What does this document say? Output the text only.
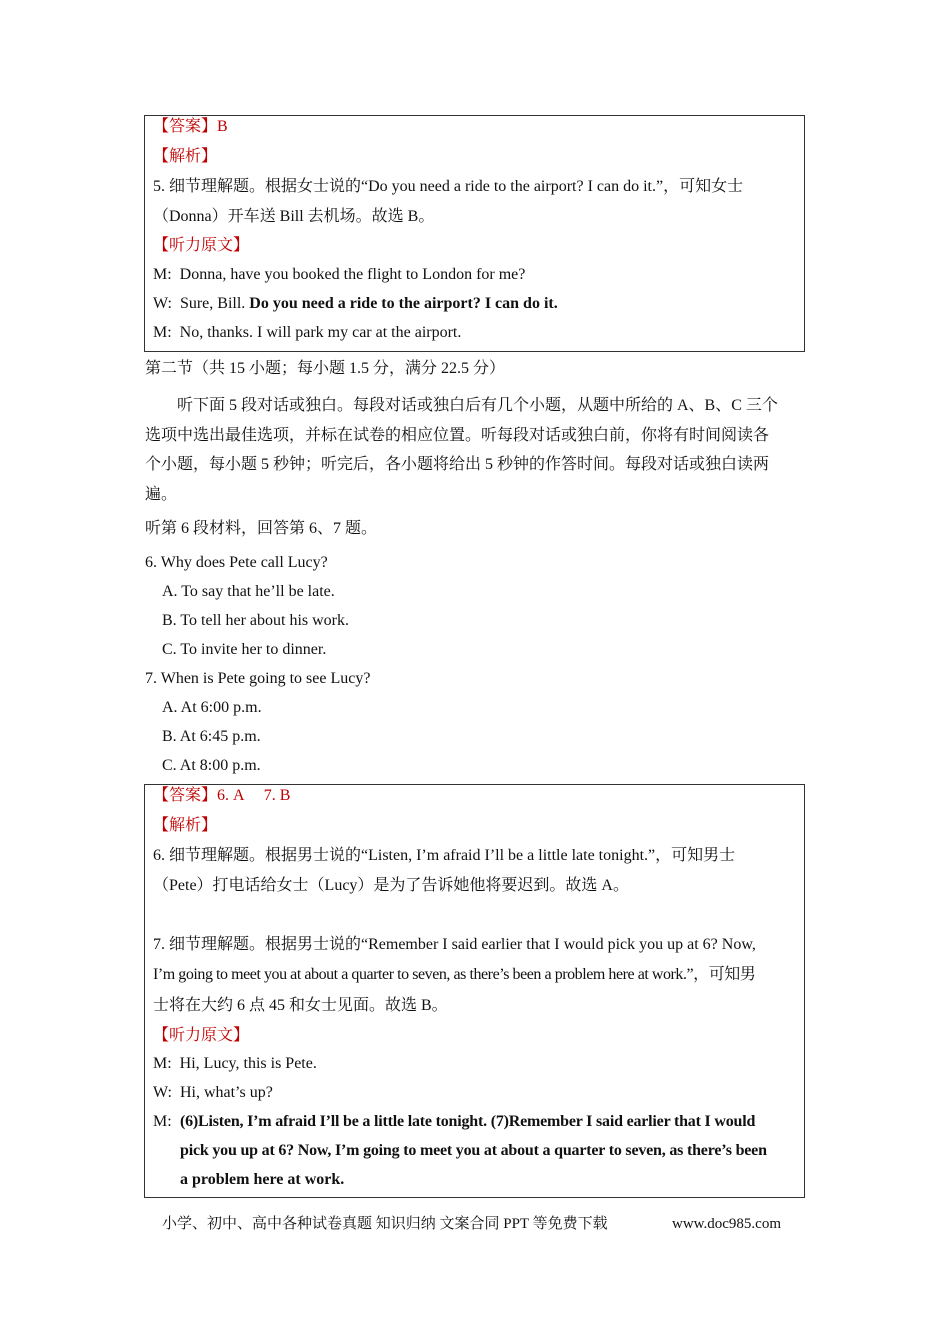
【答案】B
【解析】
5. 细节理解题。根据女士说的“Do you need a ride to the airport? I can do it.”，可知女士
（Donna）开车送 Bill 去机场。故选 B。
【听力原文】
M: Donna, have you booked the flight to London for me?
W: Sure, Bill. Do you need a ride to the airport? I can do it.
M: No, thanks. I will park my car at the airport.
第二节（共 15 小题；每小题 1.5 分，满分 22.5 分）
听下面 5 段对话或独白。每段对话或独白后有几个小题，从题中所给的 A、B、C 三个
选项中选出最佳选项，并标在试卷的相应位置。听每段对话或独白前，你将有时间阅读各
个小题，每小题 5 秒钟；听完后，各小题将给出 5 秒钟的作答时间。每段对话或独白读两
遍。
听第 6 段材料，回答第 6、7 题。
6. Why does Pete call Lucy?
A. To say that he’ll be late.
B. To tell her about his work.
C. To invite her to dinner.
7. When is Pete going to see Lucy?
A. At 6:00 p.m.
B. At 6:45 p.m.
C. At 8:00 p.m.
【答案】6. A     7. B
【解析】
6. 细节理解题。根据男士说的“Listen, I’m afraid I’ll be a little late tonight.”，可知男士
（Pete）打电话给女士（Lucy）是为了告诉她他将要迟到。故选 A。
7. 细节理解题。根据男士说的“Remember I said earlier that I would pick you up at 6? Now,
I’m going to meet you at about a quarter to seven, as there’s been a problem here at work.”，可知男
士将在大约 6 点 45 和女士见面。故选 B。
【听力原文】
M: Hi, Lucy, this is Pete.
W: Hi, what’s up?
M: (6)Listen, I’m afraid I’ll be a little late tonight. (7)Remember I said earlier that I would
pick you up at 6? Now, I’m going to meet you at about a quarter to seven, as there’s been
a problem here at work.
小学、初中、高中各种试卷真题 知识归纳 文案合同 PPT 等免费下载	www.doc985.com
